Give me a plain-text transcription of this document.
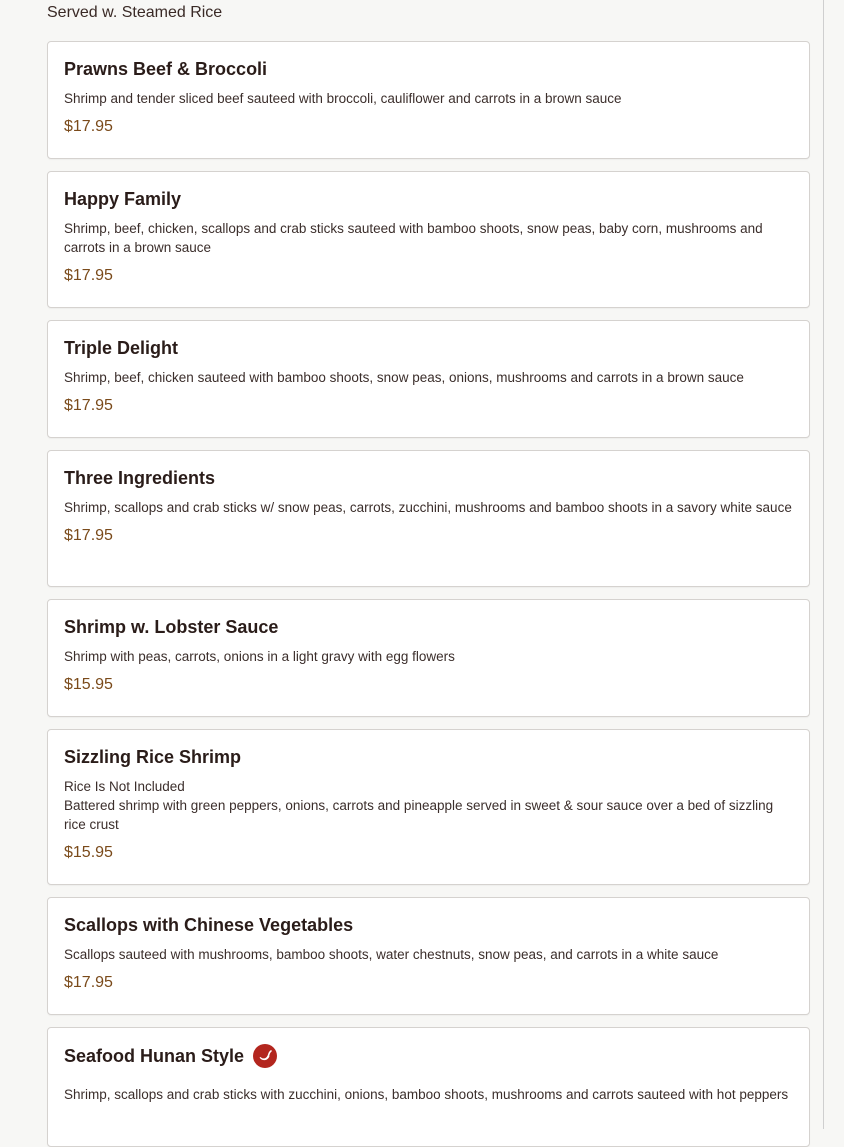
Served w. Steamed Rice
Prawns Beef & Broccoli
Shrimp and tender sliced beef sauteed with broccoli, cauliflower and carrots in a brown sauce
$17.95
Happy Family
Shrimp, beef, chicken, scallops and crab sticks sauteed with bamboo shoots, snow peas, baby corn, mushrooms and carrots in a brown sauce
$17.95
Triple Delight
Shrimp, beef, chicken sauteed with bamboo shoots, snow peas, onions, mushrooms and carrots in a brown sauce
$17.95
Three Ingredients
Shrimp, scallops and crab sticks w/ snow peas, carrots, zucchini, mushrooms and bamboo shoots in a savory white sauce
$17.95
Shrimp w. Lobster Sauce
Shrimp with peas, carrots, onions in a light gravy with egg flowers
$15.95
Sizzling Rice Shrimp
Rice Is Not Included
Battered shrimp with green peppers, onions, carrots and pineapple served in sweet & sour sauce over a bed of sizzling rice crust
$15.95
Scallops with Chinese Vegetables
Scallops sauteed with mushrooms, bamboo shoots, water chestnuts, snow peas, and carrots in a white sauce
$17.95
Seafood Hunan Style
Shrimp, scallops and crab sticks with zucchini, onions, bamboo shoots, mushrooms and carrots sauteed with hot peppers
